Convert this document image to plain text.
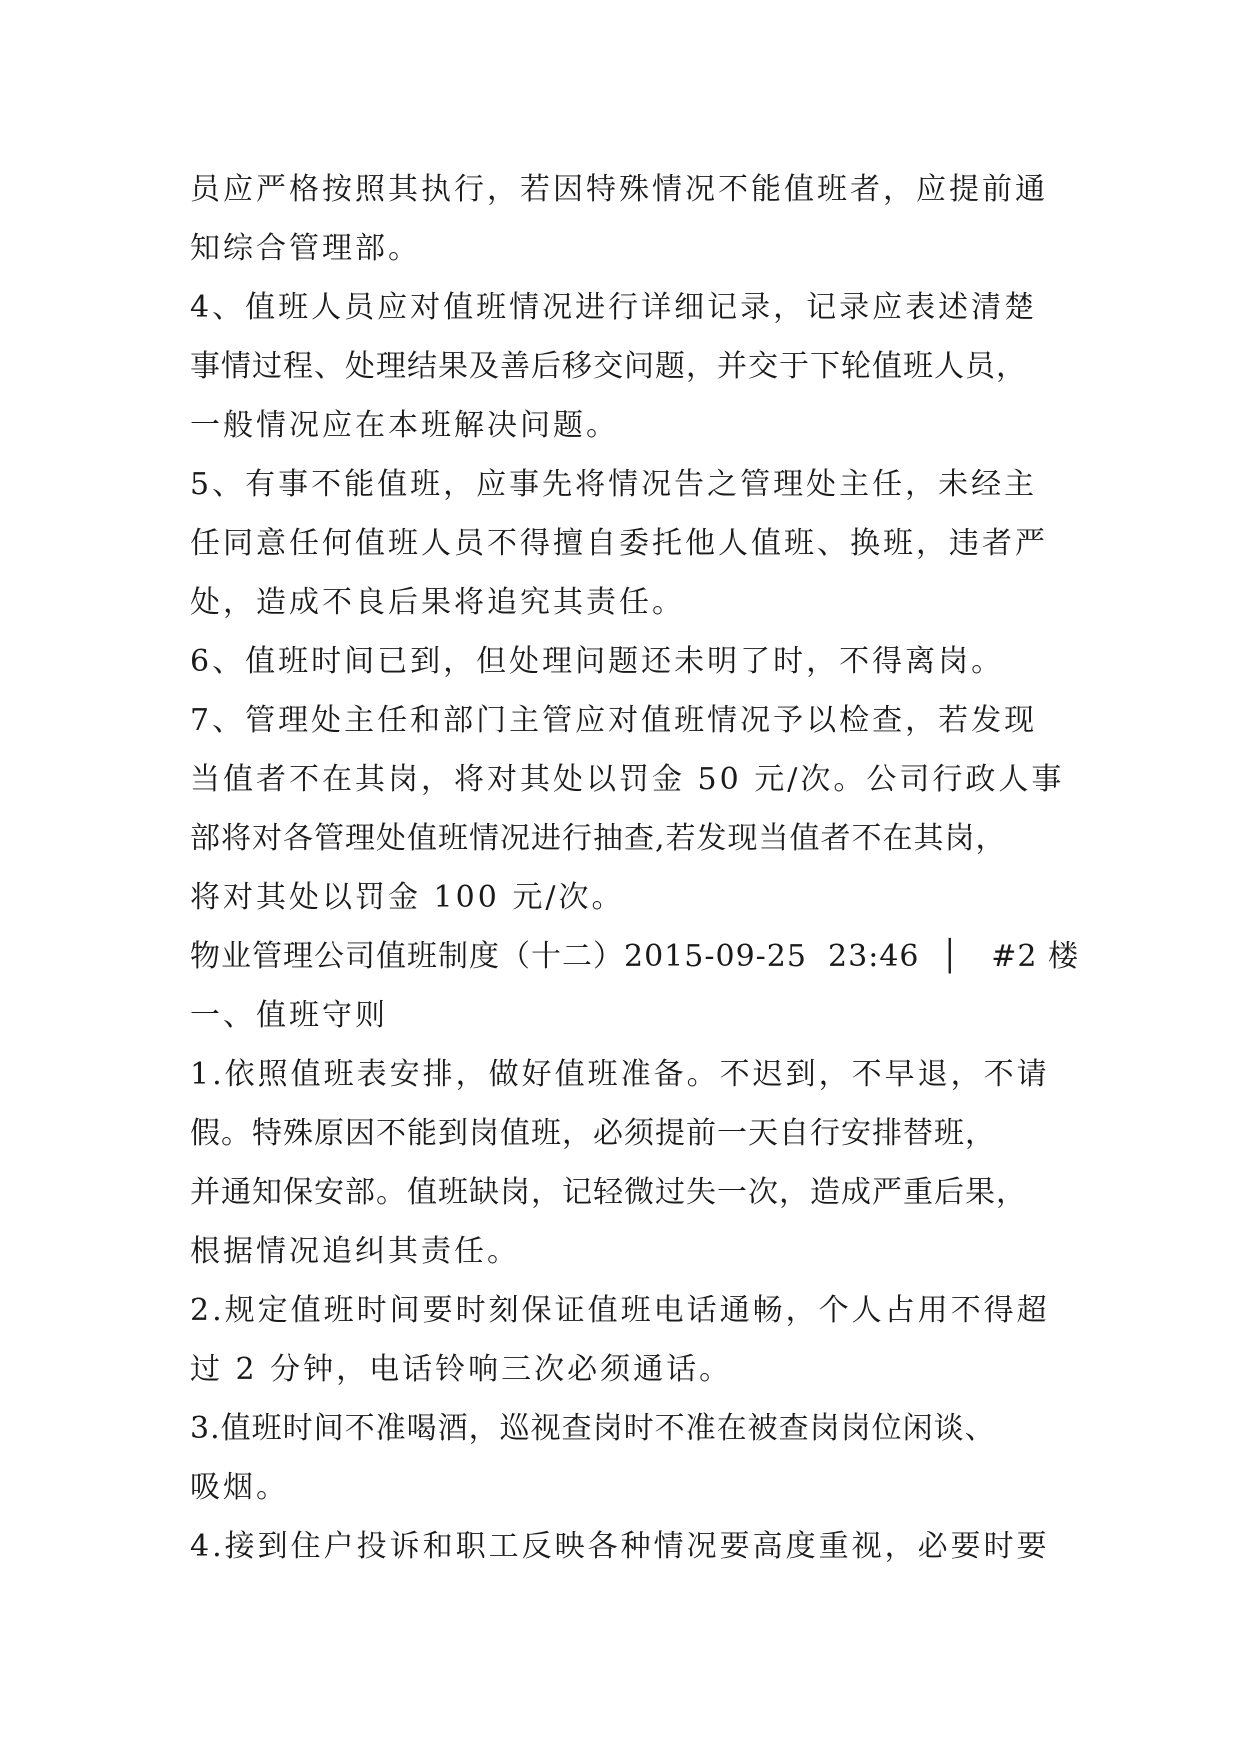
员应严格按照其执行，若因特殊情况不能值班者，应提前通
知综合管理部。
4、值班人员应对值班情况进行详细记录，记录应表述清楚
事情过程、处理结果及善后移交问题，并交于下轮值班人员，
一般情况应在本班解决问题。
5、有事不能值班，应事先将情况告之管理处主任，未经主
任同意任何值班人员不得擅自委托他人值班、换班，违者严
处，造成不良后果将追究其责任。
6、值班时间已到，但处理问题还未明了时，不得离岗。
7、管理处主任和部门主管应对值班情况予以检查，若发现
当值者不在其岗，将对其处以罚金 50 元/次。公司行政人事
部将对各管理处值班情况进行抽查,若发现当值者不在其岗，
将对其处以罚金 100 元/次。
物业管理公司值班制度（十二）2015-09-25  23:46  │   #2 楼
一、值班守则
1.依照值班表安排，做好值班准备。不迟到，不早退，不请
假。特殊原因不能到岗值班，必须提前一天自行安排替班，
并通知保安部。值班缺岗，记轻微过失一次，造成严重后果，
根据情况追纠其责任。
2.规定值班时间要时刻保证值班电话通畅，个人占用不得超
过 2 分钟，电话铃响三次必须通话。
3.值班时间不准喝酒，巡视查岗时不准在被查岗岗位闲谈、
吸烟。
4.接到住户投诉和职工反映各种情况要高度重视，必要时要
